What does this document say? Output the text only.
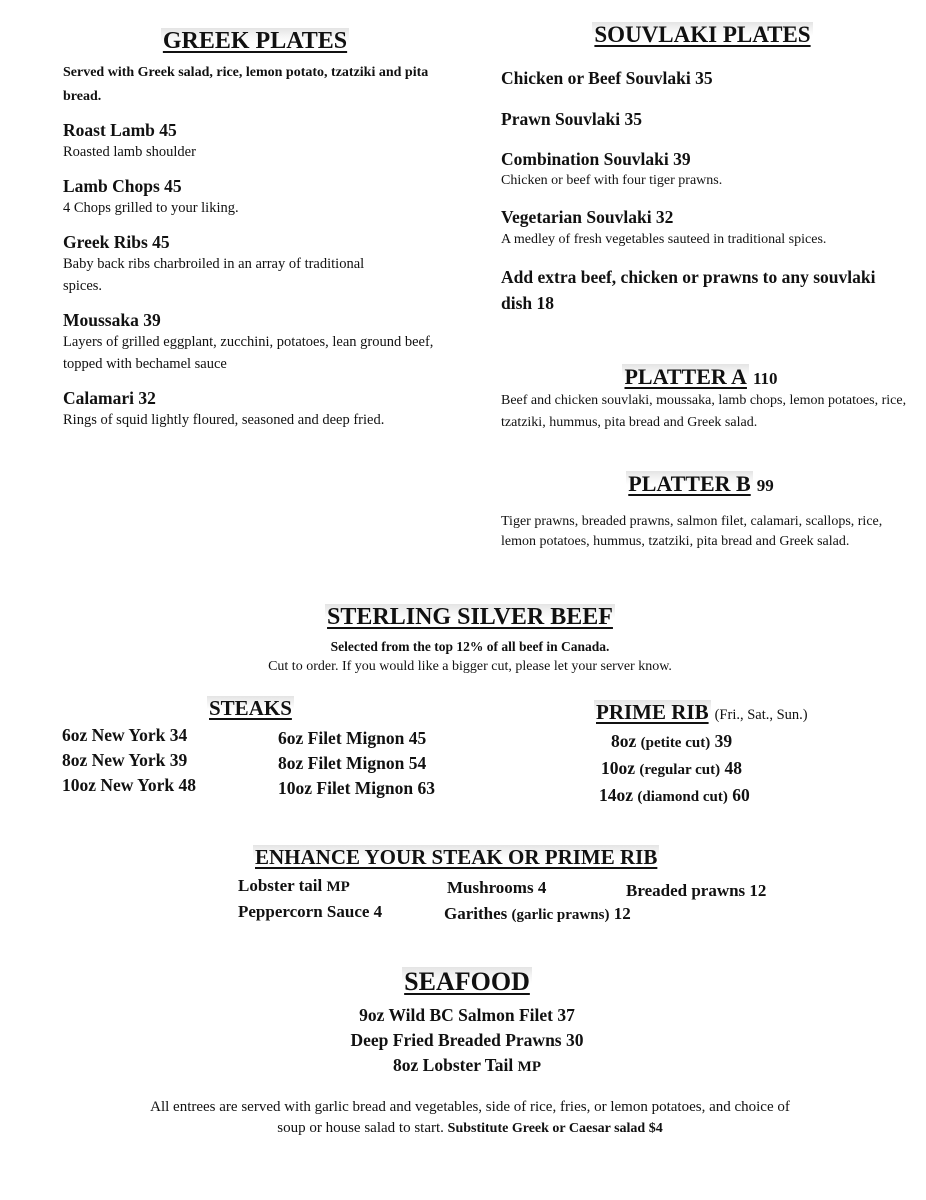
GREEK PLATES
Served with Greek salad, rice, lemon potato, tzatziki and pita bread.
Roast Lamb 45
Roasted lamb shoulder
Lamb Chops 45
4 Chops grilled to your liking.
Greek Ribs 45
Baby back ribs charbroiled in an array of traditional spices.
Moussaka 39
Layers of grilled eggplant, zucchini, potatoes, lean ground beef, topped with bechamel sauce
Calamari 32
Rings of squid lightly floured, seasoned and deep fried.
SOUVLAKI PLATES
Chicken or Beef Souvlaki 35
Prawn Souvlaki 35
Combination Souvlaki 39
Chicken or beef with four tiger prawns.
Vegetarian Souvlaki 32
A medley of fresh vegetables sauteed in traditional spices.
Add extra beef, chicken or prawns to any souvlaki dish 18
PLATTER A 110
Beef and chicken souvlaki, moussaka, lamb chops, lemon potatoes, rice, tzatziki, hummus, pita bread and Greek salad.
PLATTER B 99
Tiger prawns, breaded prawns, salmon filet, calamari, scallops, rice, lemon potatoes, hummus, tzatziki, pita bread and Greek salad.
STERLING SILVER BEEF
Selected from the top 12% of all beef in Canada.
Cut to order. If you would like a bigger cut, please let your server know.
STEAKS
6oz New York 34
8oz New York 39
10oz New York 48
6oz Filet Mignon 45
8oz Filet Mignon 54
10oz Filet Mignon 63
PRIME RIB (Fri., Sat., Sun.)
8oz (petite cut) 39
10oz (regular cut) 48
14oz (diamond cut) 60
ENHANCE YOUR STEAK OR PRIME RIB
Lobster tail MP
Peppercorn Sauce 4
Mushrooms 4
Garithes (garlic prawns) 12
Breaded prawns 12
SEAFOOD
9oz Wild BC Salmon Filet 37
Deep Fried Breaded Prawns 30
8oz Lobster Tail MP
All entrees are served with garlic bread and vegetables, side of rice, fries, or lemon potatoes, and choice of
soup or house salad to start. Substitute Greek or Caesar salad $4
